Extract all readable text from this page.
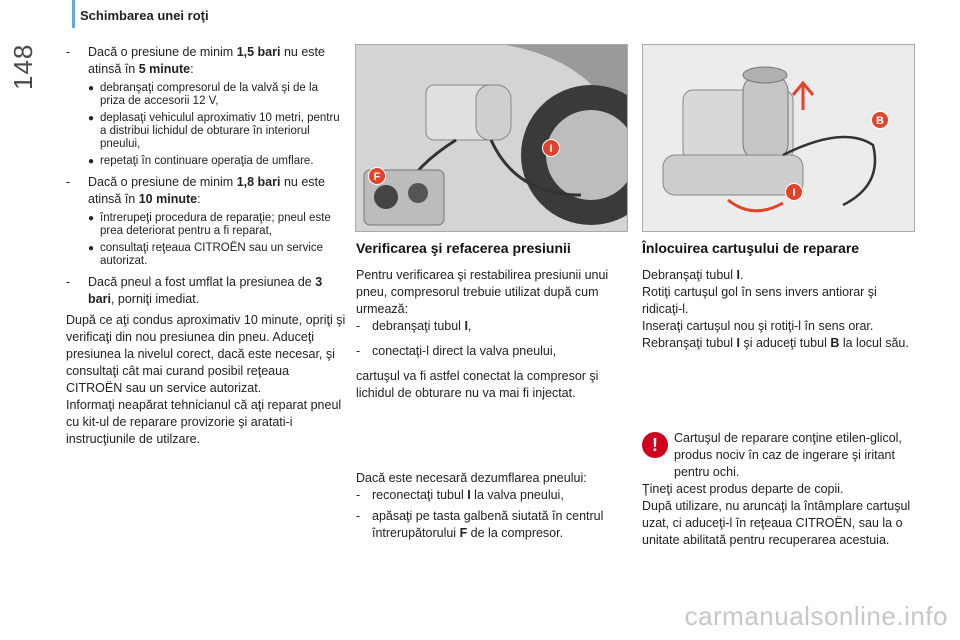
148
Schimbarea unei roţi
- Dacă o presiune de minim 1,5 bari nu este atinsă în 5 minute:
● debranşaţi compresorul de la valvă şi de la priza de accesorii 12 V,
● deplasaţi vehiculul aproximativ 10 metri, pentru a distribui lichidul de obturare în interiorul pneului,
● repetaţi în continuare operaţia de umflare.
- Dacă o presiune de minim 1,8 bari nu este atinsă în 10 minute:
● întrerupeţi procedura de reparaţie; pneul este prea deteriorat pentru a fi reparat,
● consultaţi reţeaua CITROËN sau un service autorizat.
- Dacă pneul a fost umflat la presiunea de 3 bari, porniţi imediat.
După ce aţi condus aproximativ 10 minute, opriţi şi verificaţi din nou presiunea din pneu. Aduceţi presiunea la nivelul corect, dacă este necesar, şi consultaţi cât mai curand posibil reţeaua CITROËN sau un service autorizat.
Informaţi neapărat tehnicianul că aţi reparat pneul cu kit-ul de reparare provizorie şi aratati-i instrucţiunile de utilzare.
I
F
B
I
Verificarea şi refacerea presiunii
Pentru verificarea şi restabilirea presiunii unui pneu, compresorul trebuie utilizat după cum urmează:
- debranşaţi tubul I,
- conectaţi-l direct la valva pneului,
cartuşul va fi astfel conectat la compresor şi lichidul de obturare nu va mai fi injectat.
Dacă este necesară dezumflarea pneului:
- reconectaţi tubul I la valva pneului,
- apăsaţi pe tasta galbenă siutată în centrul întrerupătorului F de la compresor.
Înlocuirea cartuşului de reparare
Debranşaţi tubul I.
Rotiţi cartuşul gol în sens invers antiorar şi ridicaţi-l.
Inseraţi cartuşul nou şi rotiţi-l în sens orar.
Rebranşaţi tubul I şi aduceţi tubul B la locul său.
!	Cartuşul de reparare conţine etilen-glicol, produs nociv în caz de ingerare şi iritant pentru ochi.
Ţineţi acest produs departe de copii.
După utilizare, nu aruncaţi la întâmplare cartuşul uzat, ci aduceţi-l în reţeaua CITROËN, sau la o unitate abilitată pentru recuperarea acestuia.
carmanualsonline.info
